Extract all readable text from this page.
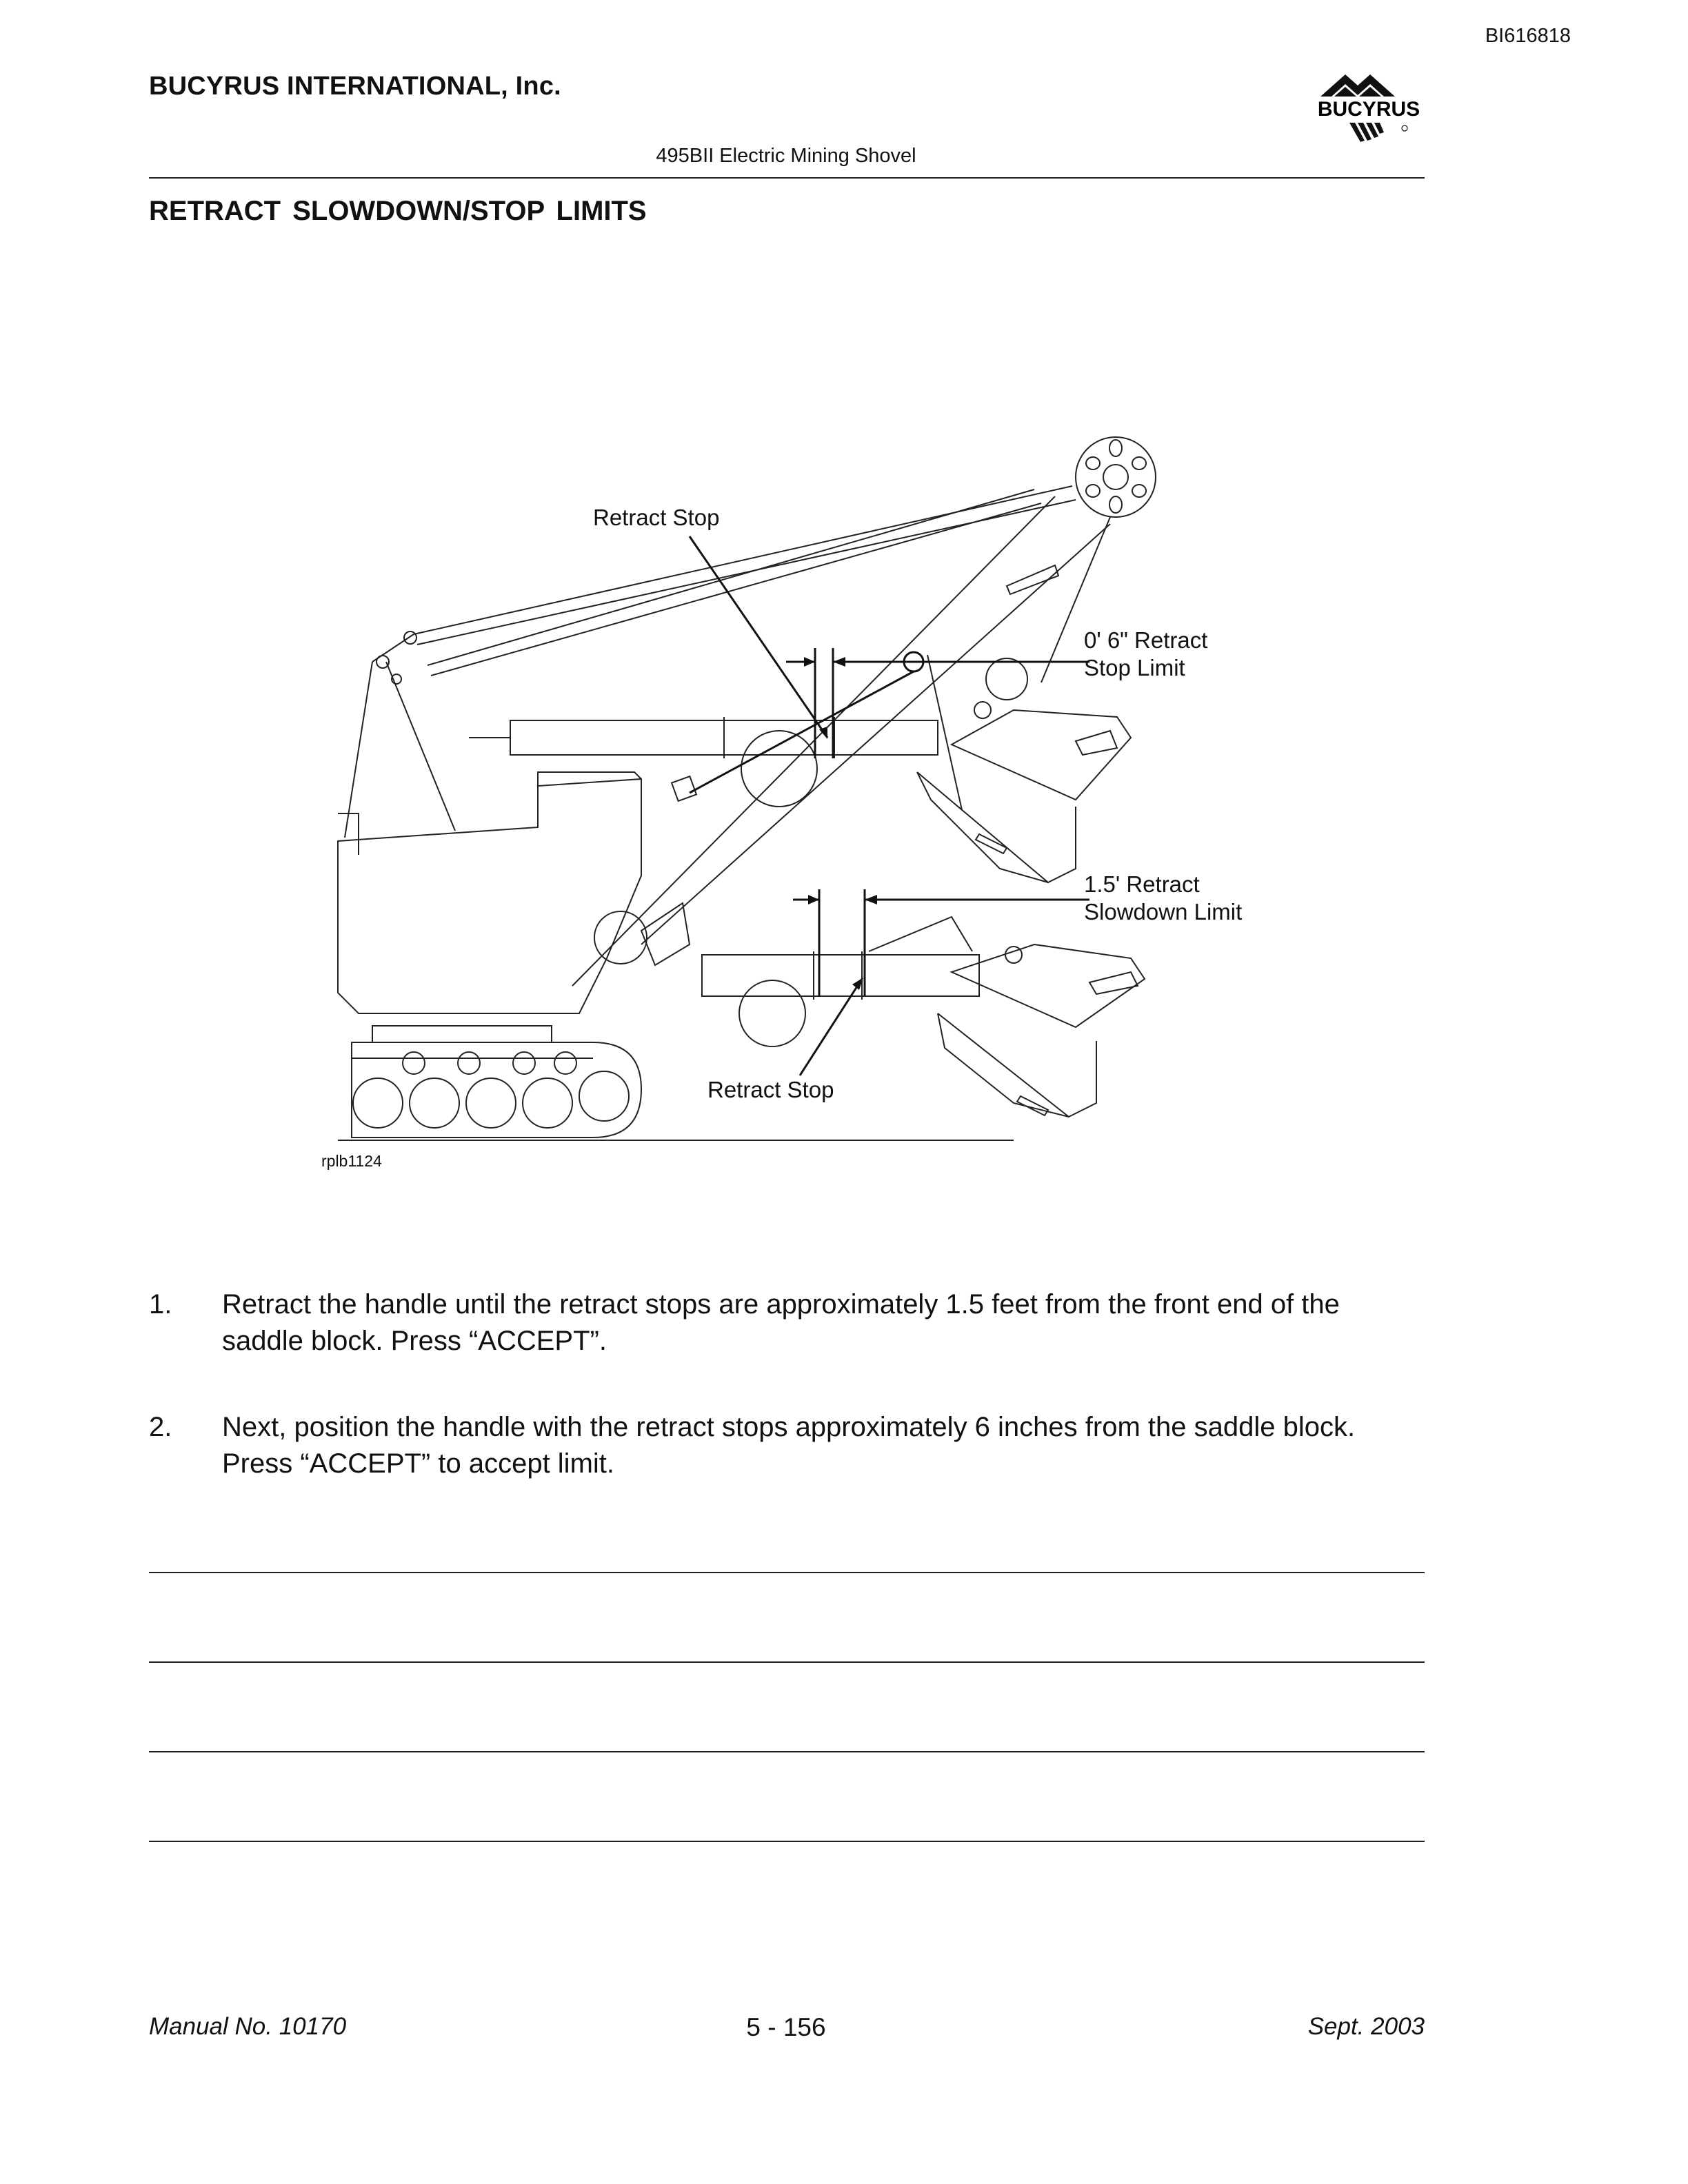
BI616818
BUCYRUS INTERNATIONAL, Inc.
495BII Electric Mining Shovel
BUCYRUS
RETRACT SLOWDOWN/STOP LIMITS
Retract Stop
0' 6" Retract
Stop Limit
1.5' Retract
Slowdown Limit
Retract Stop
rplb1124
1. Retract the handle until the retract stops are approximately 1.5 feet from the front end of the
saddle block. Press “ACCEPT”.
2. Next, position the handle with the retract stops approximately 6 inches from the saddle block.
Press “ACCEPT” to accept limit.
Manual No. 10170	5 - 156	Sept. 2003
